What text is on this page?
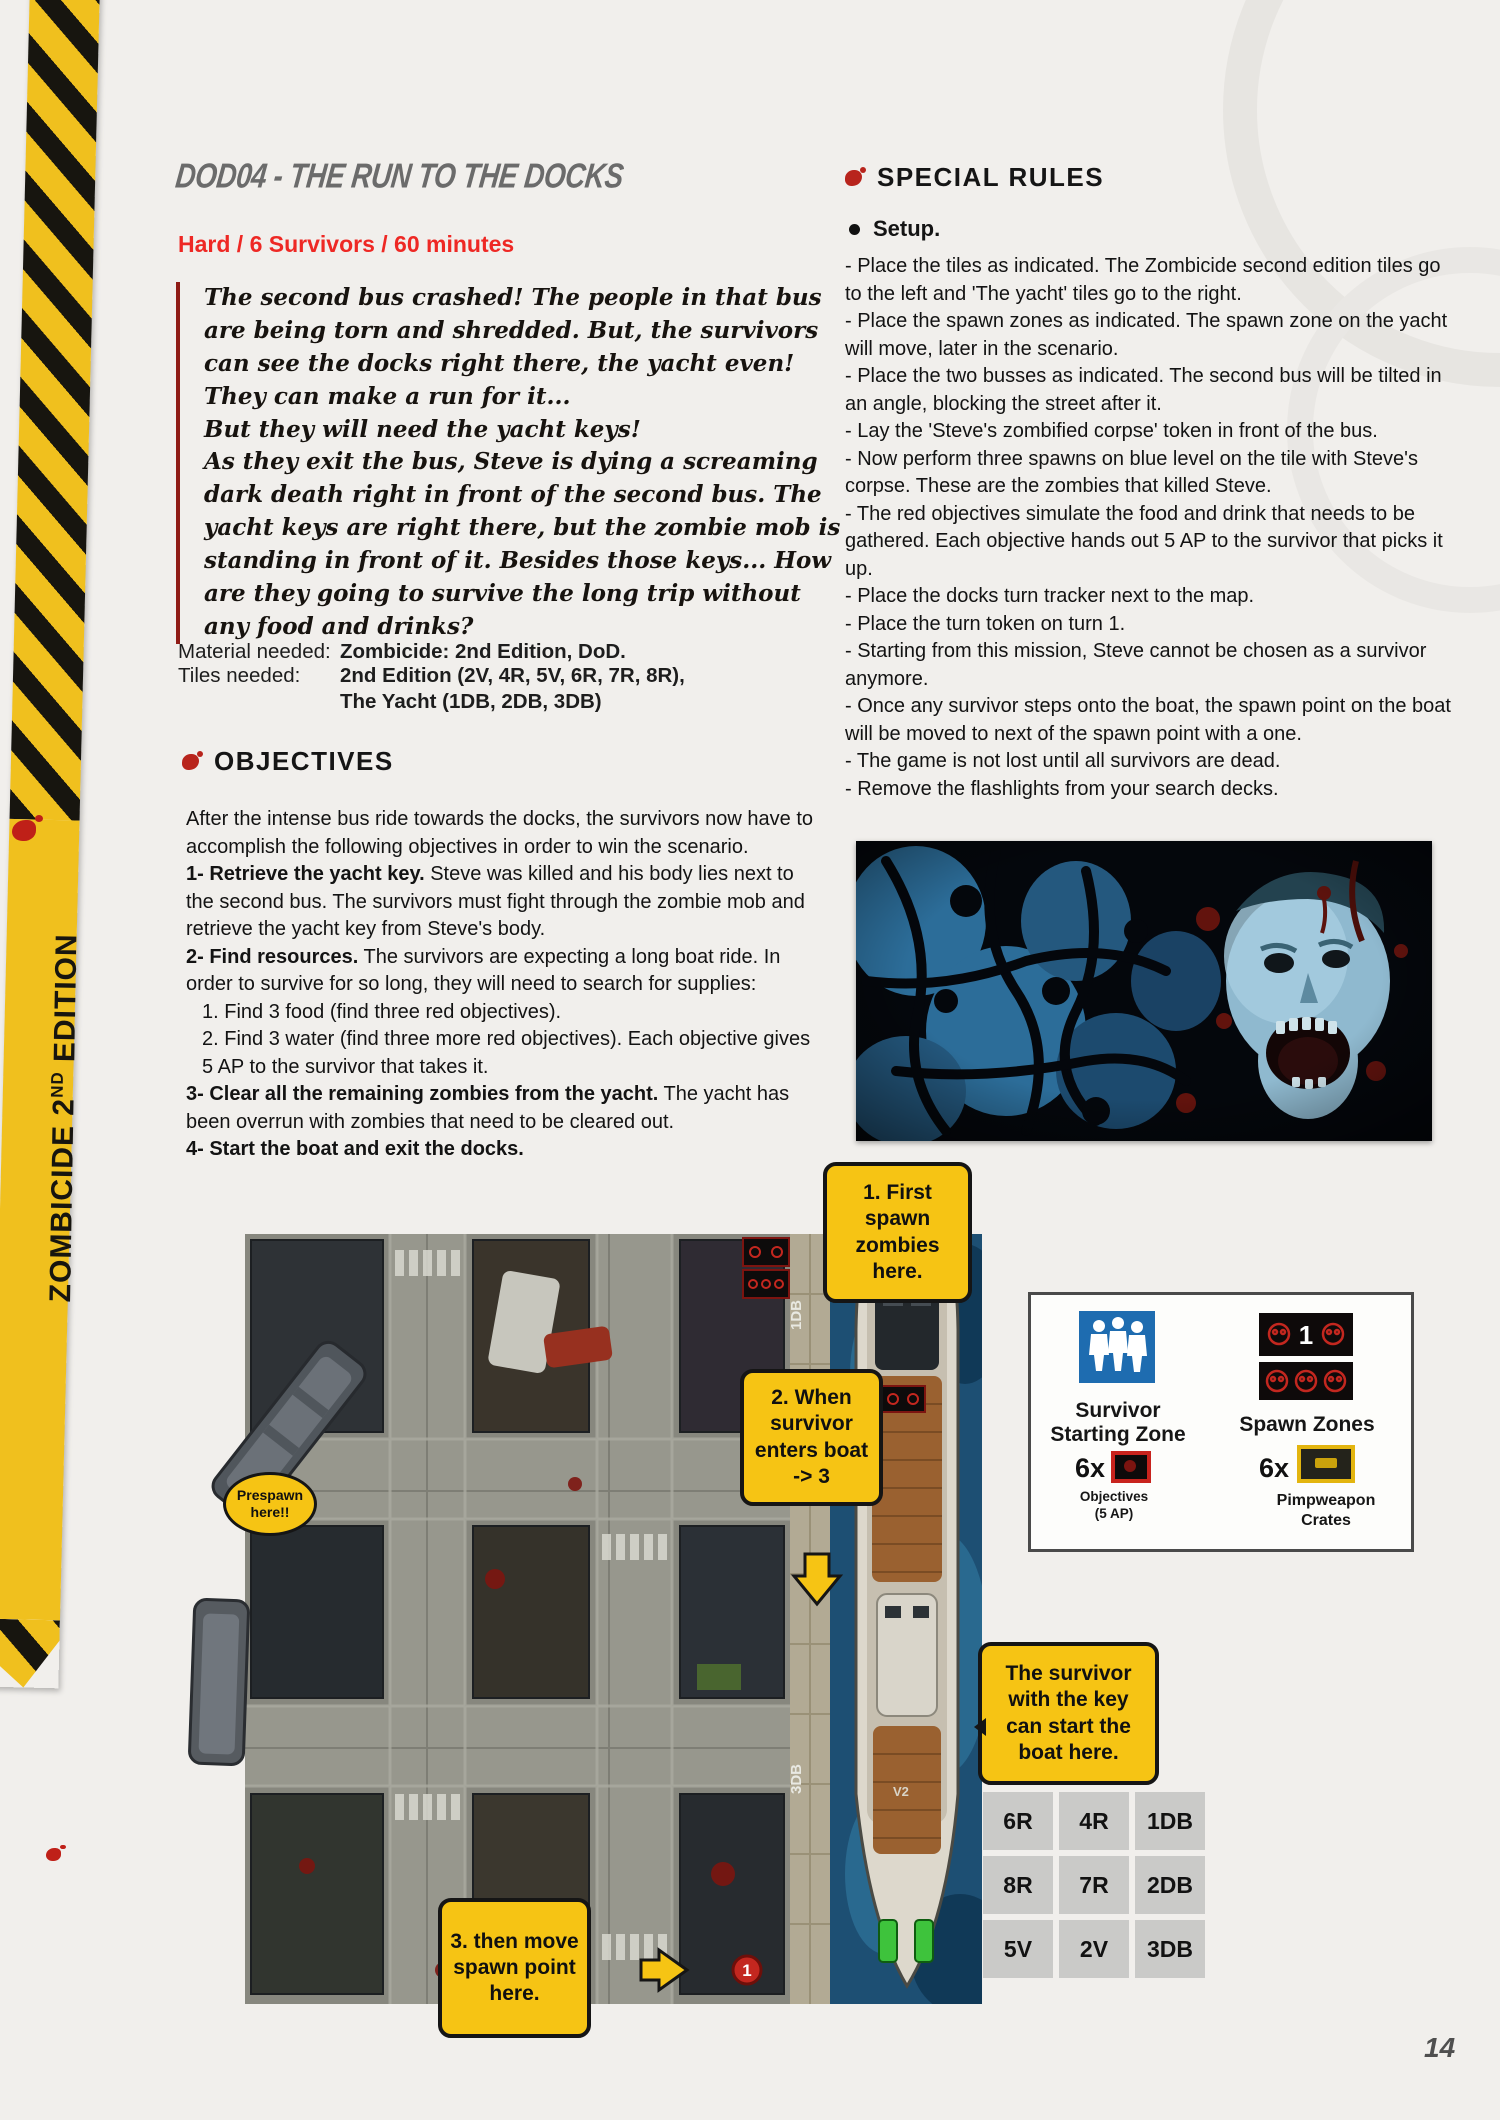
ZOMBICIDE 2ND EDITION
DOD04 - THE RUN TO THE DOCKS
Hard / 6 Survivors / 60 minutes

The second bus crashed! The people in that bus are being torn and shredded. But, the survivors can see the docks right there, the yacht even! They can make a run for it...

But they will need the yacht keys!

As they exit the bus, Steve is dying a screaming dark death right in front of the second bus. The yacht keys are right there, but the zombie mob is standing in front of it. Besides those keys... How are they going to survive the long trip without any food and drinks?

Material needed: Zombicide: 2nd Edition, DoD.
Tiles needed:	2nd Edition (2V, 4R, 5V, 6R, 7R, 8R),
The Yacht (1DB, 2DB, 3DB)
OBJECTIVES

After the intense bus ride towards the docks, the survivors now have to accomplish the following objectives in order to win the scenario.

1- Retrieve the yacht key. Steve was killed and his body lies next to the second bus. The survivors must fight through the zombie mob and retrieve the yacht key from Steve's body.

2- Find resources. The survivors are expecting a long boat ride. In order to survive for so long, they will need to search for supplies:

1. Find 3 food (find three red objectives).

2. Find 3 water (find three more red objectives). Each objective gives 5 AP to the survivor that takes it.

3- Clear all the remaining zombies from the yacht. The yacht has been overrun with zombies that need to be cleared out.

4- Start the boat and exit the docks.

SPECIAL RULES
Setup.

- Place the tiles as indicated. The Zombicide second edition tiles go to the left and 'The yacht' tiles go to the right.

- Place the spawn zones as indicated. The spawn zone on the yacht will move, later in the scenario.

- Place the two busses as indicated. The second bus will be tilted in an angle, blocking the street after it.

- Lay the 'Steve's zombified corpse' token in front of the bus.

- Now perform three spawns on blue level on the tile with Steve's corpse. These are the zombies that killed Steve.

- The red objectives simulate the food and drink that needs to be gathered. Each objective hands out 5 AP to the survivor that picks it up.

- Place the docks turn tracker next to the map.

- Place the turn token on turn 1.

- Starting from this mission, Steve cannot be chosen as a survivor anymore.

- Once any survivor steps onto the boat, the spawn point on the boat will be moved to next of the spawn point with a one.

- The game is not lost until all survivors are dead.

- Remove the flashlights from your search decks.

1DB
3DB	V2
1
1. First spawn zombies here.
2. When survivor enters boat -> 3
The survivor with the key can start the boat here.
3. then move spawn point here.
Prespawn here!!
Survivor
Starting Zone
1
Spawn Zones
6x
Objectives
(5 AP)
6x
Pimpweapon
Crates
6R	4R	1DB
8R	7R	2DB
5V	2V	3DB
14
